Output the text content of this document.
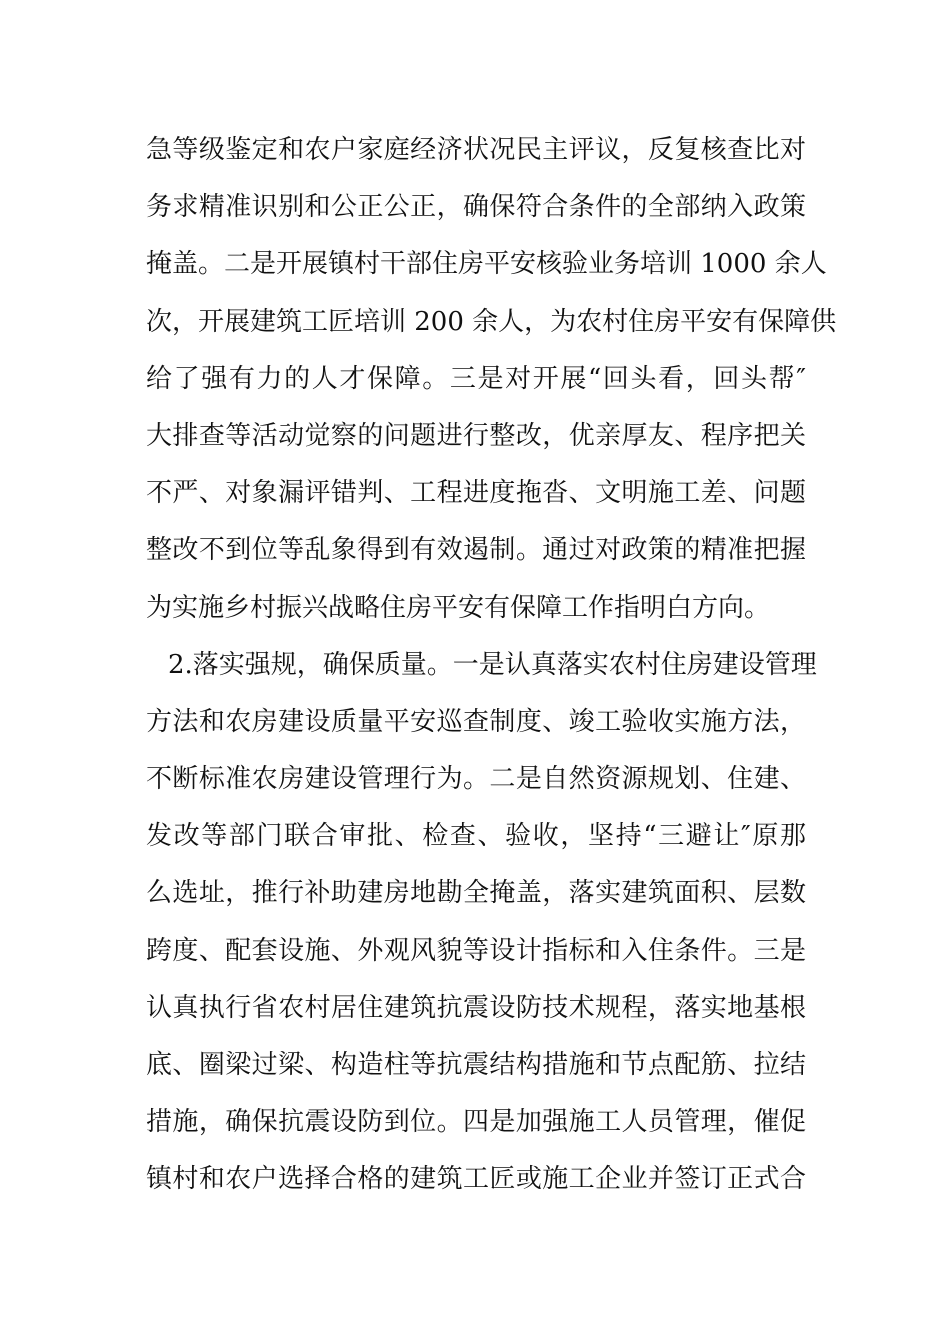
急等级鉴定和农户家庭经济状况民主评议，反复核查比对
务求精准识别和公正公正，确保符合条件的全部纳入政策
掩盖。二是开展镇村干部住房平安核验业务培训 1000 余人
次，开展建筑工匠培训 200 余人，为农村住房平安有保障供
给了强有力的人才保障。三是对开展“回头看，回头帮″
大排查等活动觉察的问题进行整改，优亲厚友、程序把关
不严、对象漏评错判、工程进度拖沓、文明施工差、问题
整改不到位等乱象得到有效遏制。通过对政策的精准把握
为实施乡村振兴战略住房平安有保障工作指明白方向。
2.落实强规，确保质量。一是认真落实农村住房建设管理
方法和农房建设质量平安巡查制度、竣工验收实施方法，
不断标准农房建设管理行为。二是自然资源规划、住建、
发改等部门联合审批、检查、验收，坚持“三避让″原那
么选址，推行补助建房地勘全掩盖，落实建筑面积、层数
跨度、配套设施、外观风貌等设计指标和入住条件。三是
认真执行省农村居住建筑抗震设防技术规程，落实地基根
底、圈梁过梁、构造柱等抗震结构措施和节点配筋、拉结
措施，确保抗震设防到位。四是加强施工人员管理，催促
镇村和农户选择合格的建筑工匠或施工企业并签订正式合
